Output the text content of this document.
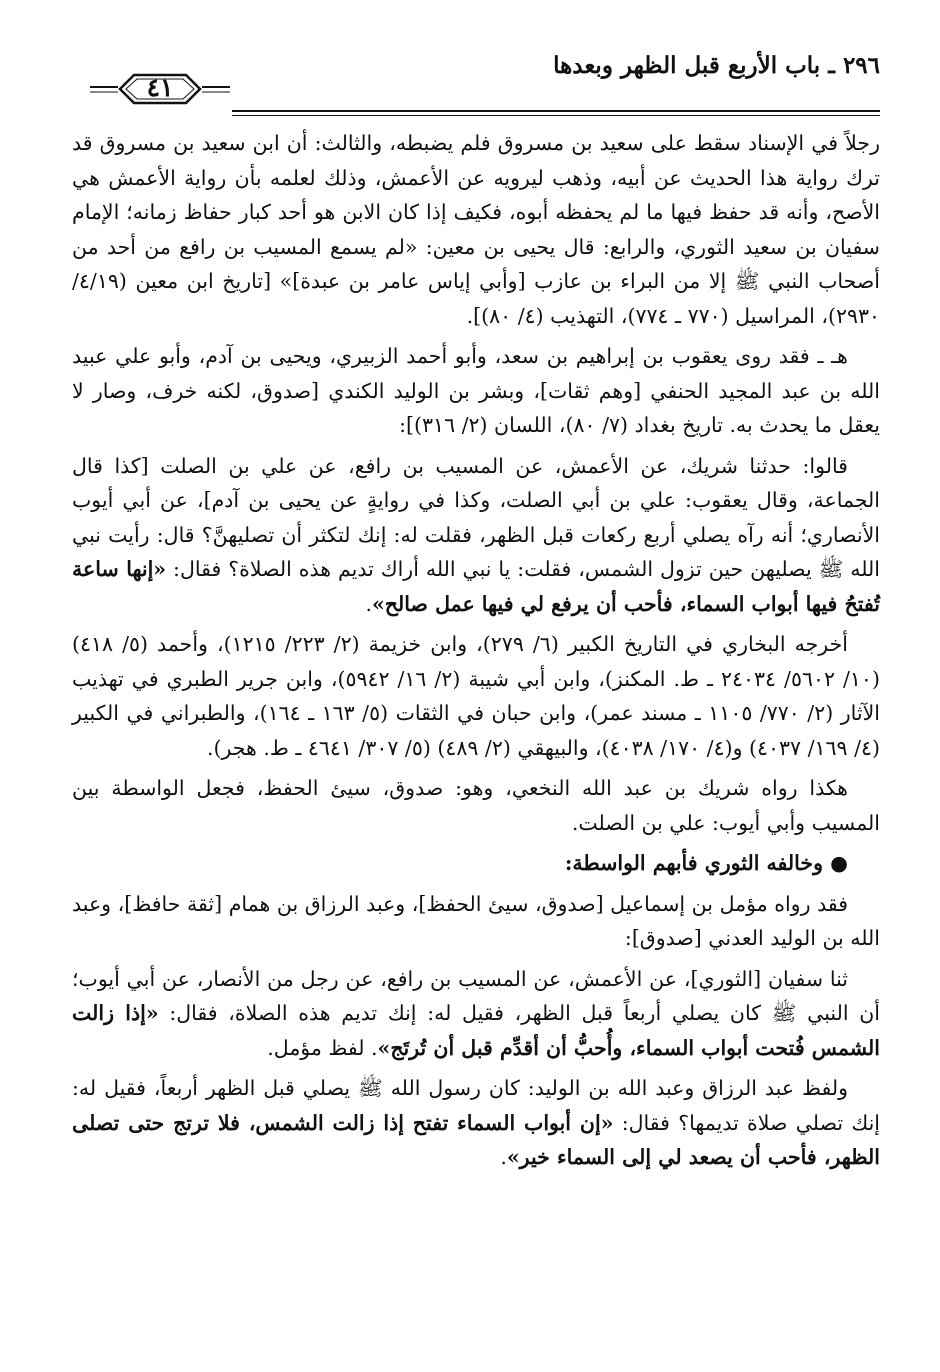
٢٩٦ ـ باب الأربع قبل الظهر وبعدها
٤١

رجلاً في الإسناد سقط على سعيد بن مسروق فلم يضبطه، والثالث: أن ابن سعيد بن مسروق قد ترك رواية هذا الحديث عن أبيه، وذهب ليرويه عن الأعمش، وذلك لعلمه بأن رواية الأعمش هي الأصح، وأنه قد حفظ فيها ما لم يحفظه أبوه، فكيف إذا كان الابن هو أحد كبار حفاظ زمانه؛ الإمام سفيان بن سعيد الثوري، والرابع: قال يحيى بن معين: «لم يسمع المسيب بن رافع من أحد من أصحاب النبي ﷺ إلا من البراء بن عازب [وأبي إياس عامر بن عبدة]» [تاريخ ابن معين (٤/١٩/ ٢٩٣٠)، المراسيل (٧٧٠ ـ ٧٧٤)، التهذيب (٤/ ٨٠)].

هـ ـ فقد روى يعقوب بن إبراهيم بن سعد، وأبو أحمد الزبيري، ويحيى بن آدم، وأبو علي عبيد الله بن عبد المجيد الحنفي [وهم ثقات]، وبشر بن الوليد الكندي [صدوق، لكنه خرف، وصار لا يعقل ما يحدث به. تاريخ بغداد (٧/ ٨٠)، اللسان (٢/ ٣١٦)]:

قالوا: حدثنا شريك، عن الأعمش، عن المسيب بن رافع، عن علي بن الصلت [كذا قال الجماعة، وقال يعقوب: علي بن أبي الصلت، وكذا في روايةٍ عن يحيى بن آدم]، عن أبي أيوب الأنصاري؛ أنه رآه يصلي أربع ركعات قبل الظهر، فقلت له: إنك لتكثر أن تصليهنَّ؟ قال: رأيت نبي الله ﷺ يصليهن حين تزول الشمس، فقلت: يا نبي الله أراك تديم هذه الصلاة؟ فقال: «إنها ساعة تُفتحُ فيها أبواب السماء، فأحب أن يرفع لي فيها عمل صالح».

أخرجه البخاري في التاريخ الكبير (٦/ ٢٧٩)، وابن خزيمة (٢/ ٢٢٣/ ١٢١٥)، وأحمد (٥/ ٤١٨) (١٠/ ٥٦٠٢/ ٢٤٠٣٤ ـ ط. المكنز)، وابن أبي شيبة (٢/ ١٦/ ٥٩٤٢)، وابن جرير الطبري في تهذيب الآثار (٢/ ٧٧٠/ ١١٠٥ ـ مسند عمر)، وابن حبان في الثقات (٥/ ١٦٣ ـ ١٦٤)، والطبراني في الكبير (٤/ ١٦٩/ ٤٠٣٧) و(٤/ ١٧٠/ ٤٠٣٨)، والبيهقي (٢/ ٤٨٩) (٥/ ٣٠٧/ ٤٦٤١ ـ ط. هجر).

هكذا رواه شريك بن عبد الله النخعي، وهو: صدوق، سيئ الحفظ، فجعل الواسطة بين المسيب وأبي أيوب: علي بن الصلت.

● وخالفه الثوري فأبهم الواسطة:

فقد رواه مؤمل بن إسماعيل [صدوق، سيئ الحفظ]، وعبد الرزاق بن همام [ثقة حافظ]، وعبد الله بن الوليد العدني [صدوق]:

ثنا سفيان [الثوري]، عن الأعمش، عن المسيب بن رافع، عن رجل من الأنصار، عن أبي أيوب؛ أن النبي ﷺ كان يصلي أربعاً قبل الظهر، فقيل له: إنك تديم هذه الصلاة، فقال: «إذا زالت الشمس فُتحت أبواب السماء، وأُحبُّ أن أقدِّم قبل أن تُرتَج». لفظ مؤمل.

ولفظ عبد الرزاق وعبد الله بن الوليد: كان رسول الله ﷺ يصلي قبل الظهر أربعاً، فقيل له: إنك تصلي صلاة تديمها؟ فقال: «إن أبواب السماء تفتح إذا زالت الشمس، فلا ترتج حتى تصلى الظهر، فأحب أن يصعد لي إلى السماء خير».
